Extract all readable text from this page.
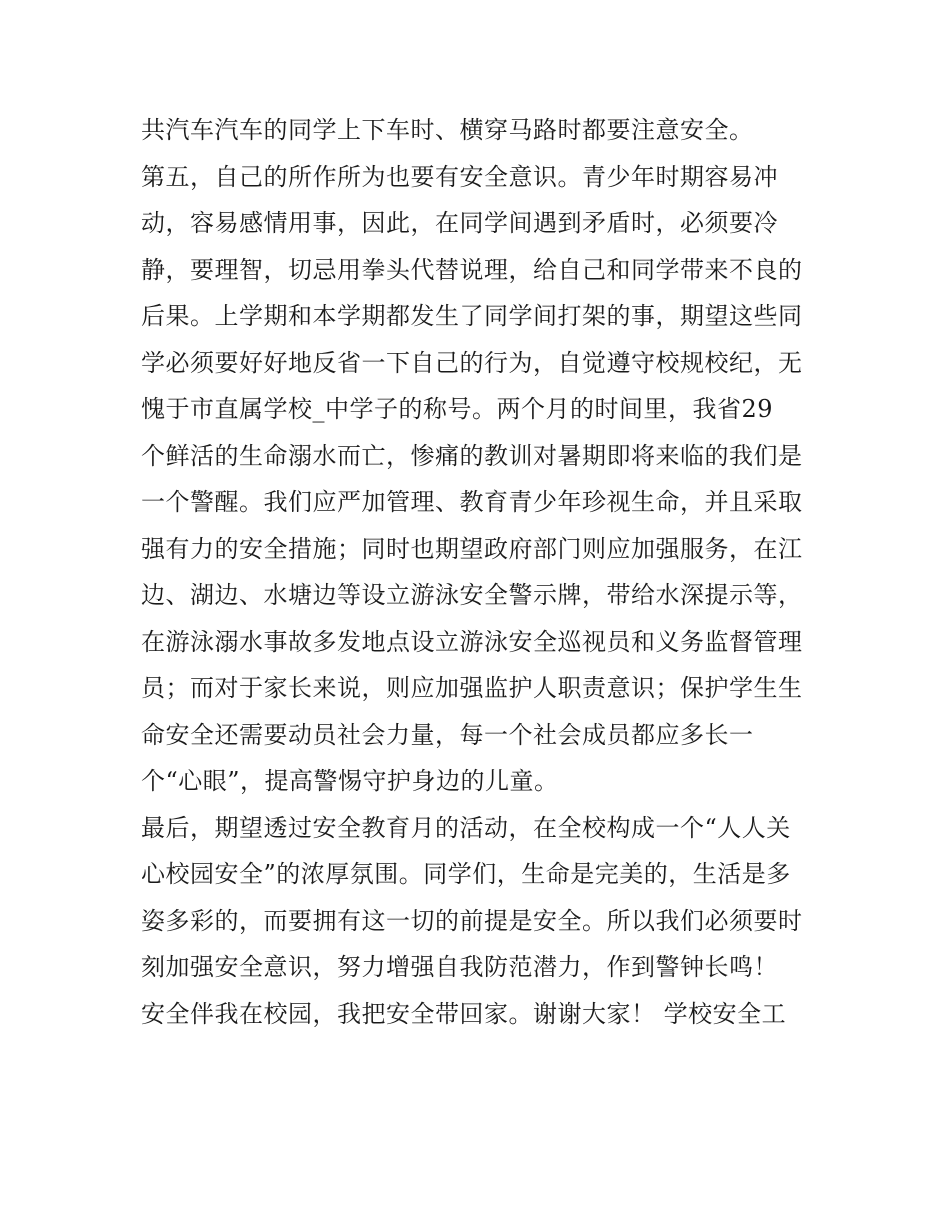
共汽车汽车的同学上下车时、横穿马路时都要注意安全。
第五，自己的所作所为也要有安全意识。青少年时期容易冲
动，容易感情用事，因此，在同学间遇到矛盾时，必须要冷
静，要理智，切忌用拳头代替说理，给自己和同学带来不良的
后果。上学期和本学期都发生了同学间打架的事，期望这些同
学必须要好好地反省一下自己的行为，自觉遵守校规校纪，无
愧于市直属学校_中学子的称号。两个月的时间里，我省29
个鲜活的生命溺水而亡，惨痛的教训对暑期即将来临的我们是
一个警醒。我们应严加管理、教育青少年珍视生命，并且采取
强有力的安全措施；同时也期望政府部门则应加强服务，在江
边、湖边、水塘边等设立游泳安全警示牌，带给水深提示等，
在游泳溺水事故多发地点设立游泳安全巡视员和义务监督管理
员；而对于家长来说，则应加强监护人职责意识；保护学生生
命安全还需要动员社会力量，每一个社会成员都应多长一
个“心眼”，提高警惕守护身边的儿童。
最后，期望透过安全教育月的活动，在全校构成一个“人人关
心校园安全”的浓厚氛围。同学们，生命是完美的，生活是多
姿多彩的，而要拥有这一切的前提是安全。所以我们必须要时
刻加强安全意识，努力增强自我防范潜力，作到警钟长鸣！
安全伴我在校园，我把安全带回家。谢谢大家！ 学校安全工
